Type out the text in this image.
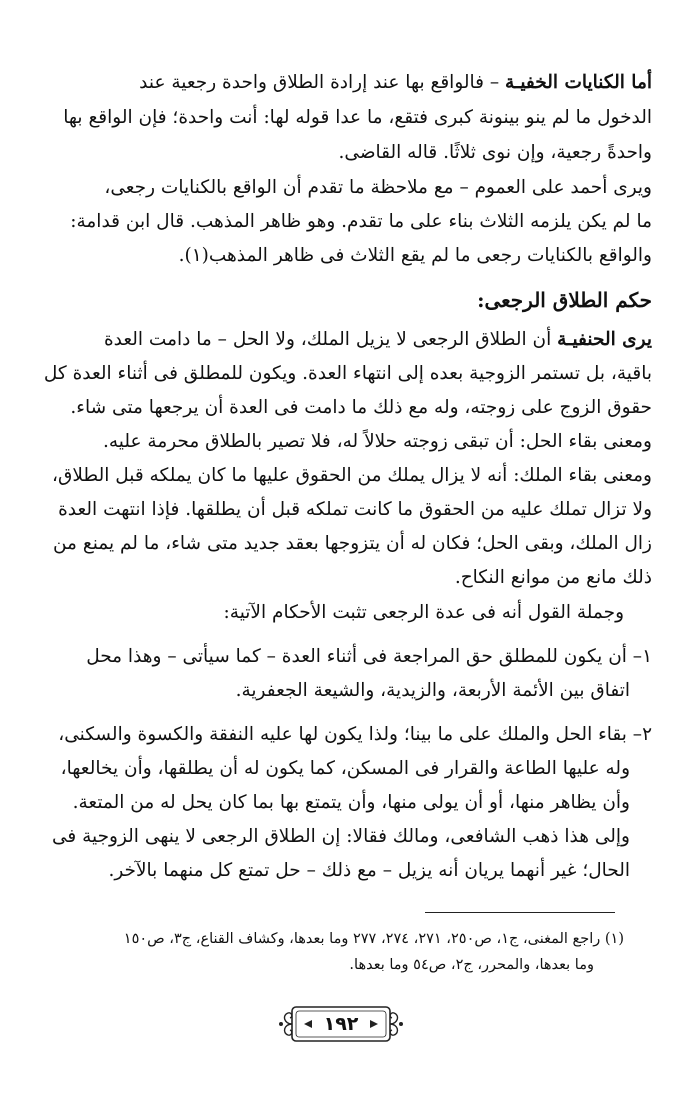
أما الكنايات الخفيـة – فالواقع بها عند إرادة الطلاق واحدة رجعية عند
الدخول ما لم ينو بينونة كبرى فتقع، ما عدا قوله لها: أنت واحدة؛ فإن الواقع بها
واحدةً رجعية، وإن نوى ثلاثًا. قاله القاضى.
ويرى أحمد على العموم – مع ملاحظة ما تقدم أن الواقع بالكنايات رجعى،
ما لم يكن يلزمه الثلاث بناء على ما تقدم. وهو ظاهر المذهب. قال ابن قدامة:
والواقع بالكنايات رجعى ما لم يقع الثلاث فى ظاهر المذهب(١).
حكم الطلاق الرجعى:
يرى الحنفيـة أن الطلاق الرجعى لا يزيل الملك، ولا الحل – ما دامت العدة
باقية، بل تستمر الزوجية بعده إلى انتهاء العدة. ويكون للمطلق فى أثناء العدة كل
حقوق الزوج على زوجته، وله مع ذلك ما دامت فى العدة أن يرجعها متى شاء.
ومعنى بقاء الحل: أن تبقى زوجته حلالاً له، فلا تصير بالطلاق محرمة عليه.
ومعنى بقاء الملك: أنه لا يزال يملك من الحقوق عليها ما كان يملكه قبل الطلاق،
ولا تزال تملك عليه من الحقوق ما كانت تملكه قبل أن يطلقها. فإذا انتهت العدة
زال الملك، وبقى الحل؛ فكان له أن يتزوجها بعقد جديد متى شاء، ما لم يمنع من
ذلك مانع من موانع النكاح.
وجملة القول أنه فى عدة الرجعى تثبت الأحكام الآتية:
١– أن يكون للمطلق حق المراجعة فى أثناء العدة – كما سيأتى – وهذا محل
اتفاق بين الأئمة الأربعة، والزيدية، والشيعة الجعفرية.
٢– بقاء الحل والملك على ما بينا؛ ولذا يكون لها عليه النفقة والكسوة والسكنى،
وله عليها الطاعة والقرار فى المسكن، كما يكون له أن يطلقها، وأن يخالعها،
وأن يظاهر منها، أو أن يولى منها، وأن يتمتع بها بما كان يحل له من المتعة.
وإلى هذا ذهب الشافعى، ومالك فقالا: إن الطلاق الرجعى لا ينهى الزوجية فى
الحال؛ غير أنهما يريان أنه يزيل – مع ذلك – حل تمتع كل منهما بالآخر.
(١) راجع المغنى، ج١، ص٢٥٠، ٢٧١، ٢٧٤، ٢٧٧ وما بعدها، وكشاف القناع، ج٣، ص١٥٠
وما بعدها، والمحرر، ج٢، ص٥٤ وما بعدها.
١٩٢
